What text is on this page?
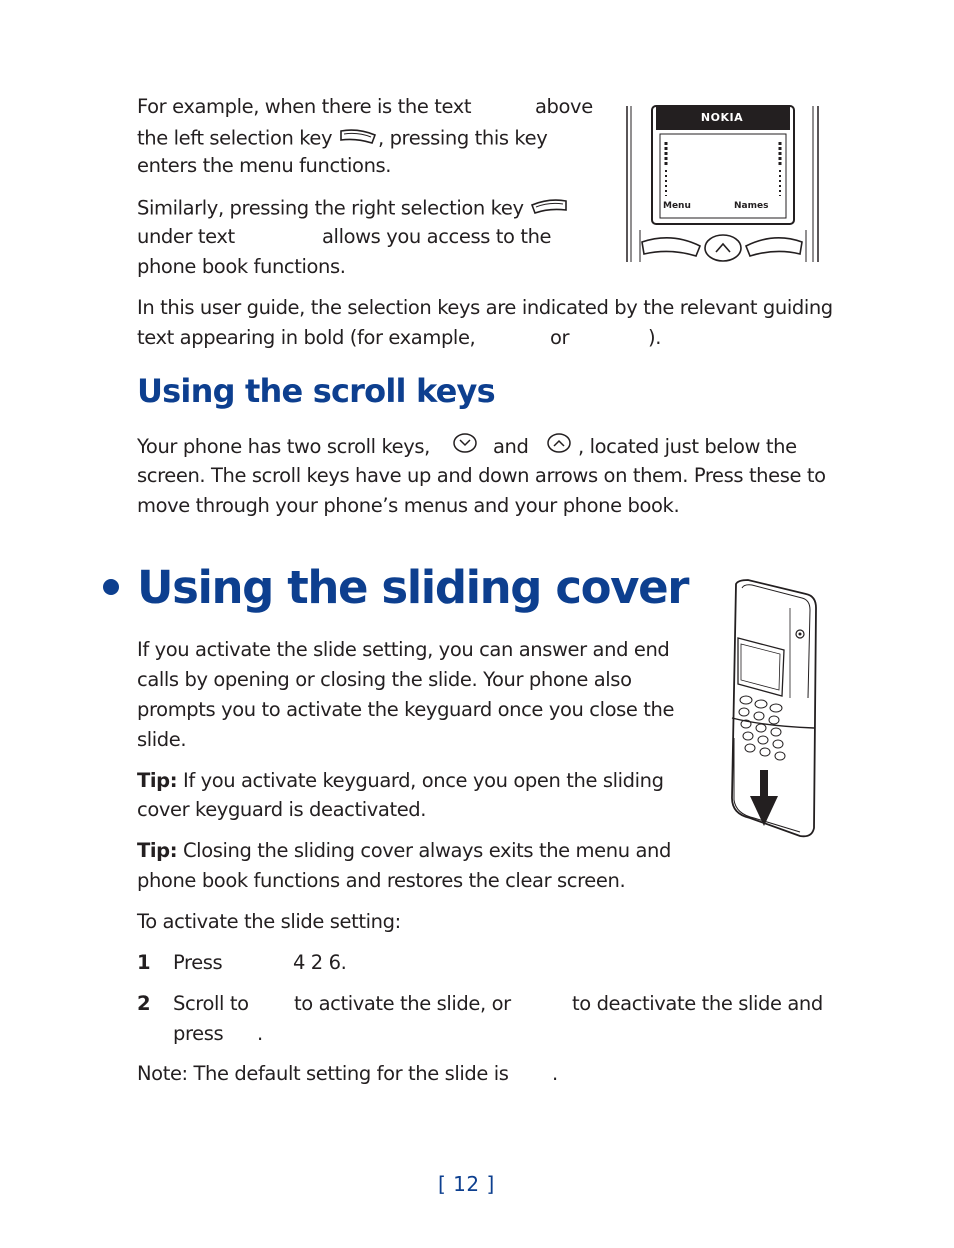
For example, when there is the text	above
the left selection key , pressing this key
enters the menu functions.
Similarly, pressing the right selection key
under text	allows you access to the
phone book functions.
NOKIA
Menu	Names
In this user guide, the selection keys are indicated by the relevant guiding
text appearing in bold (for example,	or	).
Using the scroll keys
Your phone has two scroll keys,	and	, located just below the
screen. The scroll keys have up and down arrows on them. Press these to
move through your phone’s menus and your phone book.
Using the sliding cover
If you activate the slide setting, you can answer and end
calls by opening or closing the slide. Your phone also
prompts you to activate the keyguard once you close the
slide.
Tip: If you activate keyguard, once you open the sliding
cover keyguard is deactivated.
Tip: Closing the sliding cover always exits the menu and
phone book functions and restores the clear screen.
To activate the slide setting:
1 Press	4 2 6.
2 Scroll to to activate the slide, or	to deactivate the slide and
press .
Note: The default setting for the slide is .
[ 12 ]
